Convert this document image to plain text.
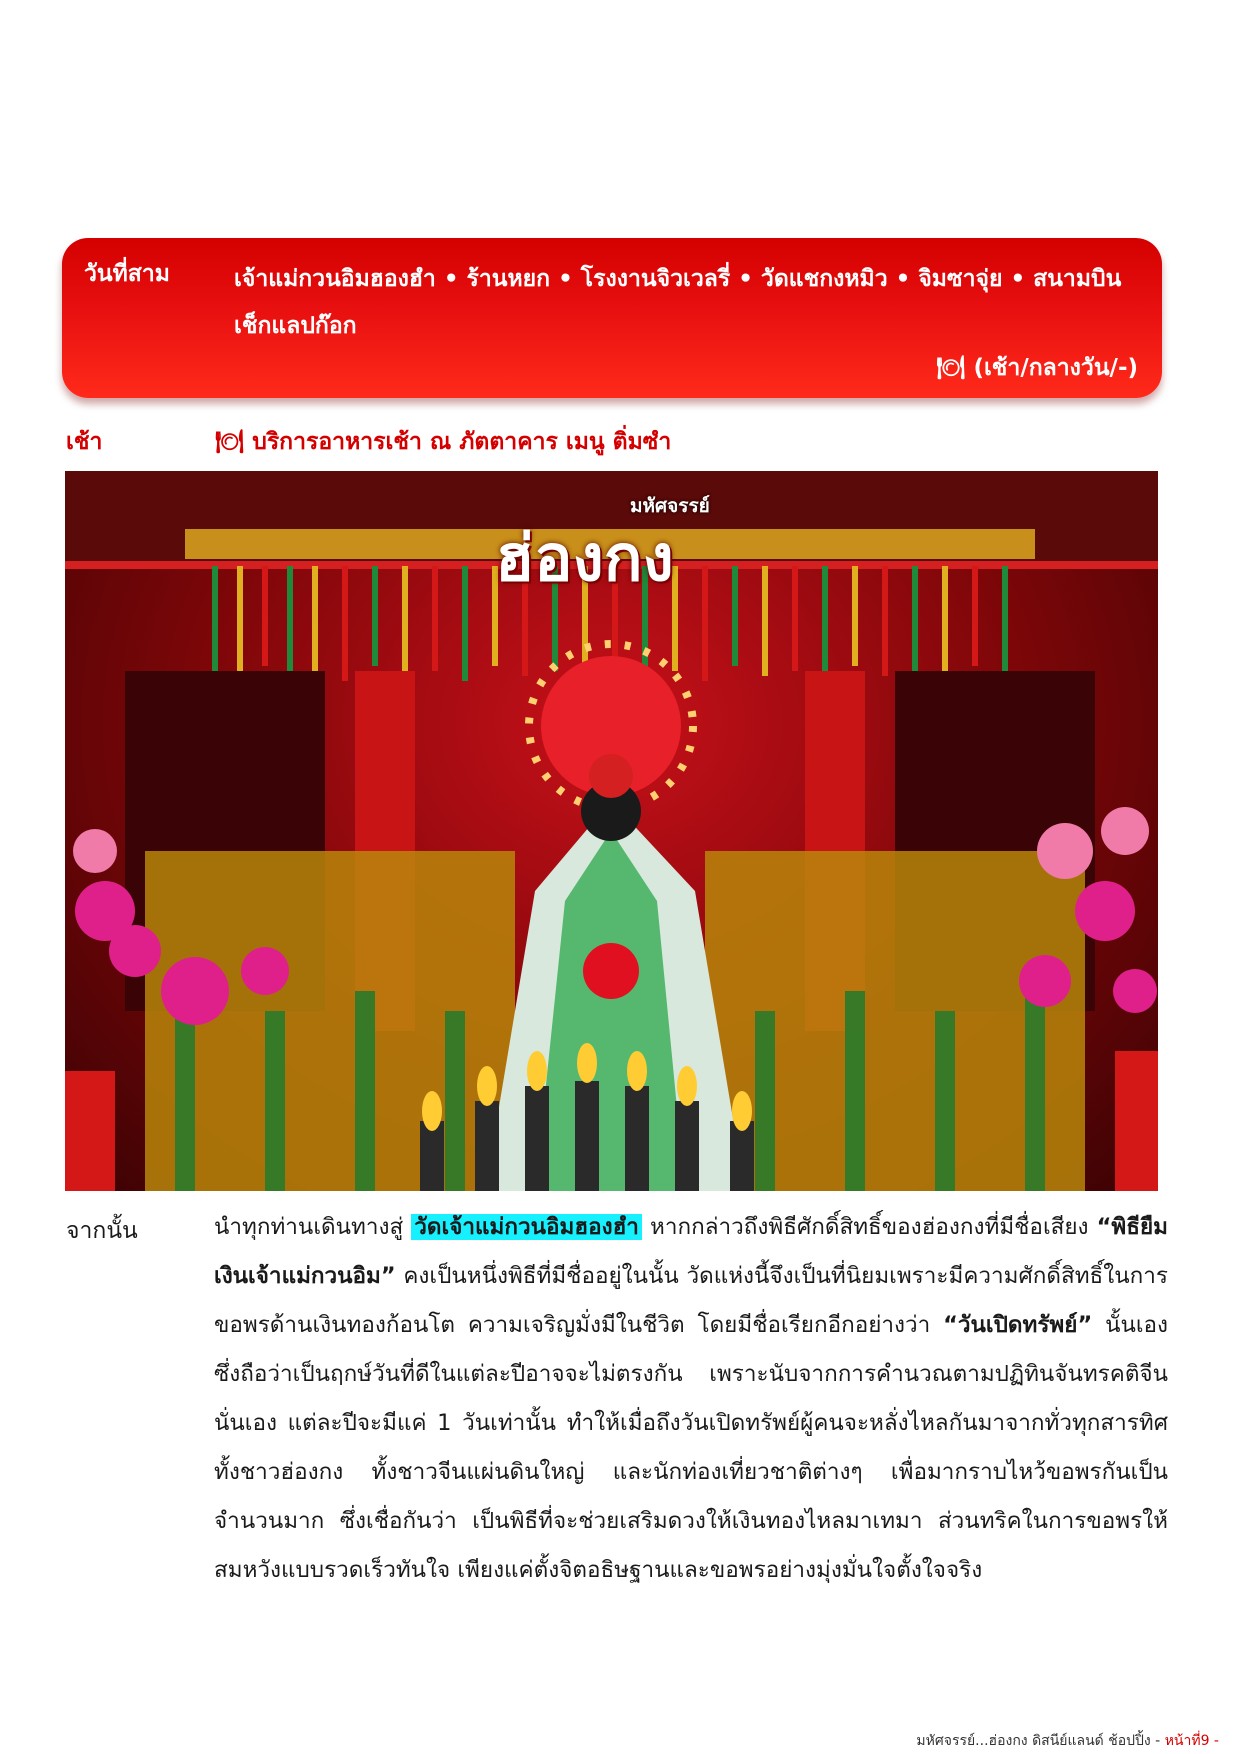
วันที่สาม	เจ้าแม่กวนอิมฮองฮำ • ร้านหยก • โรงงานจิวเวลรี่ • วัดแชกงหมิว • จิมซาจุ่ย • สนามบินเช็กแลปก๊อก
🍽 (เช้า/กลางวัน/-)
เช้า	🍽 บริการอาหารเช้า ณ ภัตตาคาร เมนู ติ่มซำ
มหัศจรรย์
ฮ่องกง
จากนั้น	นำทุกท่านเดินทางสู่ วัดเจ้าแม่กวนอิมฮองฮำ หากกล่าวถึงพิธีศักดิ์สิทธิ์ของฮ่องกงที่มีชื่อเสียง “พิธียืมเงินเจ้าแม่กวนอิม” คงเป็นหนึ่งพิธีที่มีชื่ออยู่ในนั้น วัดแห่งนี้จึงเป็นที่นิยมเพราะมีความศักดิ์สิทธิ์ในการขอพรด้านเงินทองก้อนโต ความเจริญมั่งมีในชีวิต โดยมีชื่อเรียกอีกอย่างว่า “วันเปิดทรัพย์” นั้นเอง ซึ่งถือว่าเป็นฤกษ์วันที่ดีในแต่ละปีอาจจะไม่ตรงกัน เพราะนับจากการคำนวณตามปฏิทินจันทรคติจีนนั่นเอง แต่ละปีจะมีแค่ 1 วันเท่านั้น ทำให้เมื่อถึงวันเปิดทรัพย์ผู้คนจะหลั่งไหลกันมาจากทั่วทุกสารทิศ ทั้งชาวฮ่องกง ทั้งชาวจีนแผ่นดินใหญ่ และนักท่องเที่ยวชาติต่างๆ เพื่อมากราบไหว้ขอพรกันเป็นจำนวนมาก ซึ่งเชื่อกันว่า เป็นพิธีที่จะช่วยเสริมดวงให้เงินทองไหลมาเทมา ส่วนทริคในการขอพรให้สมหวังแบบรวดเร็วทันใจ เพียงแค่ตั้งจิตอธิษฐานและขอพรอย่างมุ่งมั่นใจตั้งใจจริง
มหัศจรรย์...ฮ่องกง ดิสนีย์แลนด์ ช้อปปิ้ง - หน้าที่9 -
